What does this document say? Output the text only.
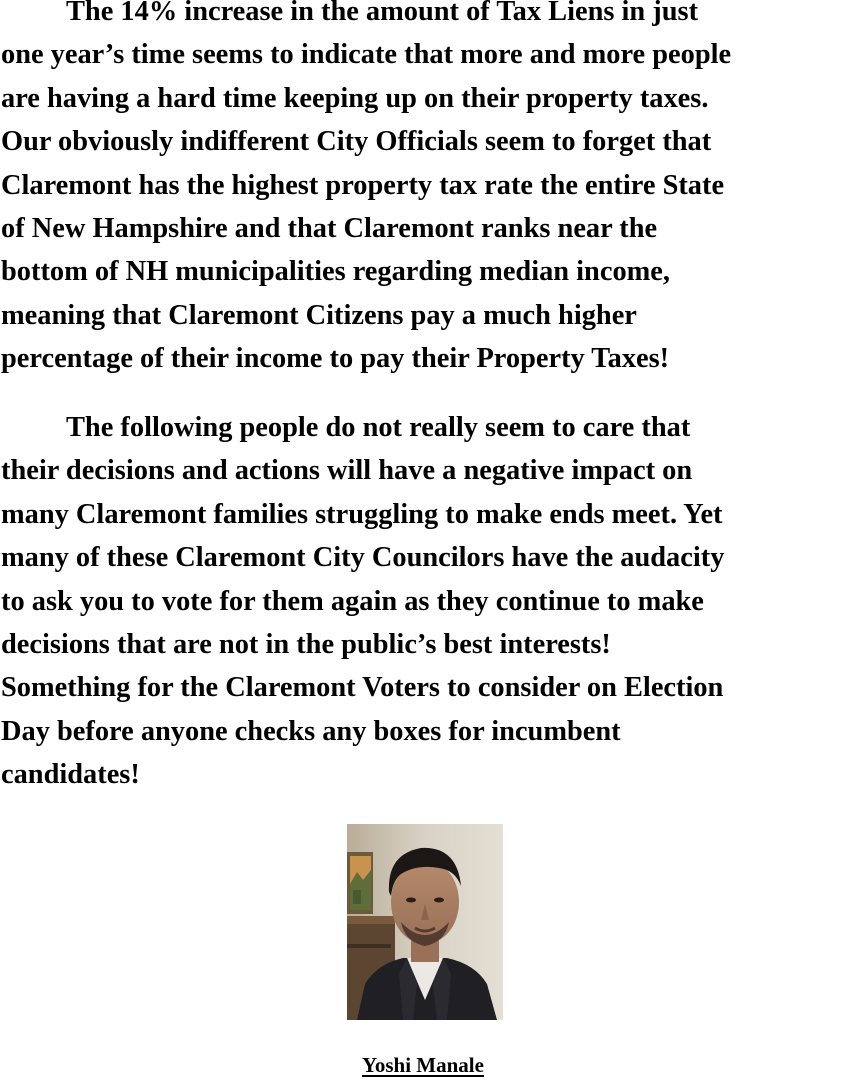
The 14% increase in the amount of Tax Liens in just
one year’s time seems to indicate that more and more people
are having a hard time keeping up on their property taxes.
Our obviously indifferent City Officials seem to forget that
Claremont has the highest property tax rate the entire State
of New Hampshire and that Claremont ranks near the
bottom of NH municipalities regarding median income,
meaning that Claremont Citizens pay a much higher
percentage of their income to pay their Property Taxes!
The following people do not really seem to care that
their decisions and actions will have a negative impact on
many Claremont families struggling to make ends meet. Yet
many of these Claremont City Councilors have the audacity
to ask you to vote for them again as they continue to make
decisions that are not in the public’s best interests!
Something for the Claremont Voters to consider on Election
Day before anyone checks any boxes for incumbent
candidates!
Yoshi Manale
